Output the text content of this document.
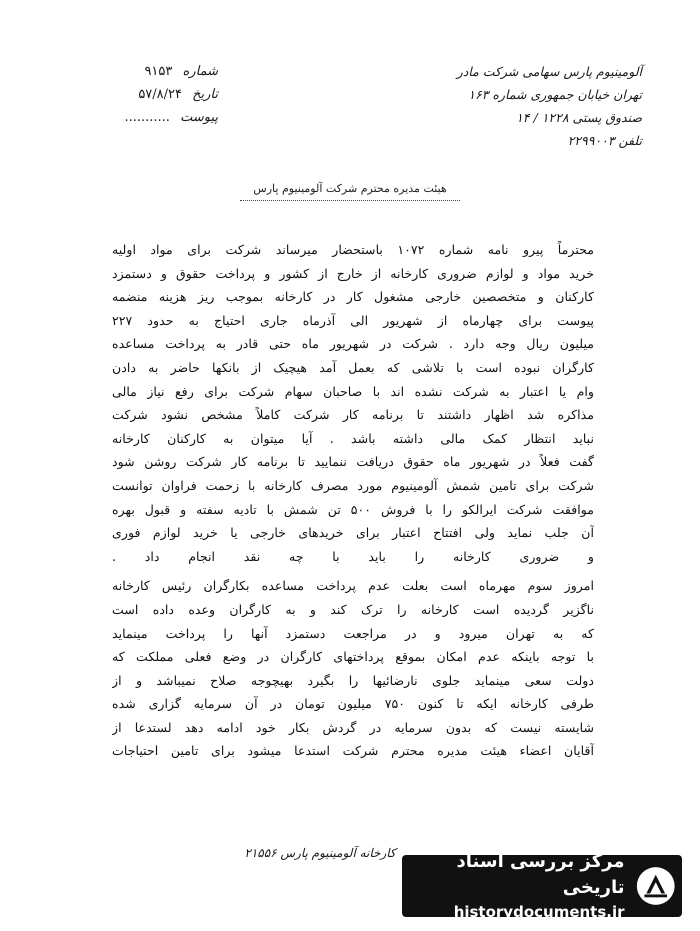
شماره ۹۱۵۳
تاریخ ۵۷/۸/۲۴
پیوست ...........
آلومینیوم پارس سهامی شرکت مادر
تهران خیابان جمهوری شماره ۱۶۳
صندوق پستی ۱۲۲۸ / ۱۴
تلفن ۲۲۹۹۰۰۳
هیئت مدیره محترم شرکت آلومینیوم پارس
محترماً پیرو نامه شماره ۱۰۷۲ باستحضار میرساند شرکت برای مواد اولیه
خرید مواد و لوازم ضروری کارخانه از خارج از کشور و پرداخت حقوق و دستمزد
کارکنان و متخصصین خارجی مشغول کار در کارخانه بموجب ریز هزینه منضمه
پیوست برای چهارماه از شهریور الی آذرماه جاری احتیاج به حدود ۲۲۷
میلیون ریال وجه دارد . شرکت در شهریور ماه حتی قادر به پرداخت مساعده
کارگران نبوده است با تلاشی که بعمل آمد هیچیک از بانکها حاضر به دادن
وام یا اعتبار به شرکت نشده اند با صاحبان سهام شرکت برای رفع نیاز مالی
مذاکره شد اظهار داشتند تا برنامه کار شرکت کاملاً مشخص نشود شرکت
نباید انتظار کمک مالی داشته باشد . آیا میتوان به کارکنان کارخانه
گفت فعلاً در شهریور ماه حقوق دریافت ننمایید تا برنامه کار شرکت روشن شود
شرکت برای تامین شمش آلومینیوم مورد مصرف کارخانه با زحمت فراوان توانست
موافقت شرکت ایرالکو را با فروش ۵۰۰ تن شمش با تادیه سفته و قبول بهره
آن جلب نماید ولی افتتاح اعتبار برای خریدهای خارجی یا خرید لوازم فوری
و ضروری کارخانه را باید با چه نقد انجام داد .
امروز سوم مهرماه است بعلت عدم پرداخت مساعده بکارگران رئیس کارخانه
ناگزیر گردیده است کارخانه را ترک کند و به کارگران وعده داده است
که به تهران میرود و در مراجعت دستمزد آنها را پرداخت مینماید
با توجه باینکه عدم امکان بموقع پرداختهای کارگران در وضع فعلی مملکت که
دولت سعی مینماید جلوی نارضائیها را بگیرد بهیچوجه صلاح نمیباشد و از
طرفی کارخانه ایکه تا کنون ۷۵۰ میلیون تومان در آن سرمایه گزاری شده
شایسته نیست که بدون سرمایه در گردش بکار خود ادامه دهد لستدعا از
آقایان اعضاء هیئت مدیره محترم شرکت استدعا میشود برای تامین احتیاجات
کارخانه آلومینیوم پارس ۲۱۵۵۶	مرکز بررسی اسناد تاریخی
historydocuments.ir
